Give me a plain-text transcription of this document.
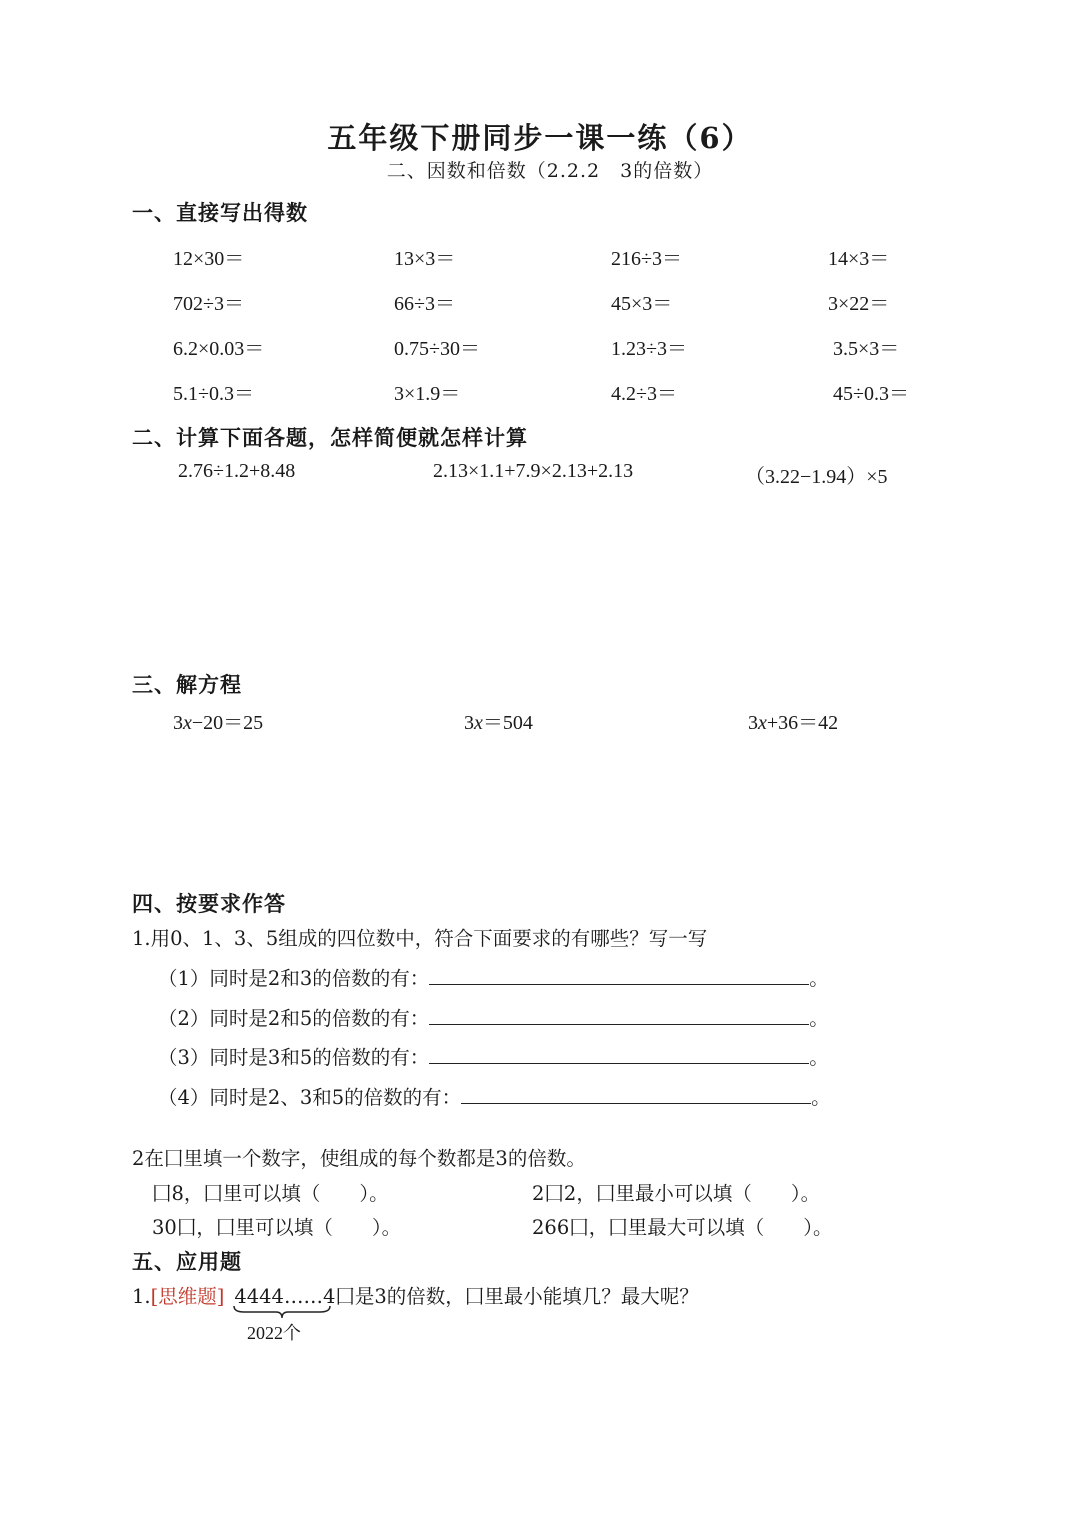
五年级下册同步一课一练（6）
二、因数和倍数（2.2.2　3的倍数）
一、直接写出得数
12×30＝	13×3＝	216÷3＝	14×3＝
702÷3＝	66÷3＝	45×3＝	3×22＝
6.2×0.03＝	0.75÷30＝	1.23÷3＝	3.5×3＝
5.1÷0.3＝	3×1.9＝	4.2÷3＝	45÷0.3＝
二、计算下面各题，怎样简便就怎样计算
2.76÷1.2+8.48	2.13×1.1+7.9×2.13+2.13	（3.22−1.94）×5
三、解方程
3x−20＝25	3x＝504	3x+36＝42
四、按要求作答
1.用0、1、3、5组成的四位数中，符合下面要求的有哪些？写一写
（1）同时是2和3的倍数的有：	。
（2）同时是2和5的倍数的有：	。
（3）同时是3和5的倍数的有：	。
（4）同时是2、3和5的倍数的有：	。
2在囗里填一个数字，使组成的每个数都是3的倍数。
囗8，囗里可以填（　　）。	2囗2，囗里最小可以填（　　）。
30囗，囗里可以填（　　）。	266囗，囗里最大可以填（　　）。
五、应用题
1.[思维题] 4444……4囗是3的倍数，囗里最小能填几？最大呢？
2022个
